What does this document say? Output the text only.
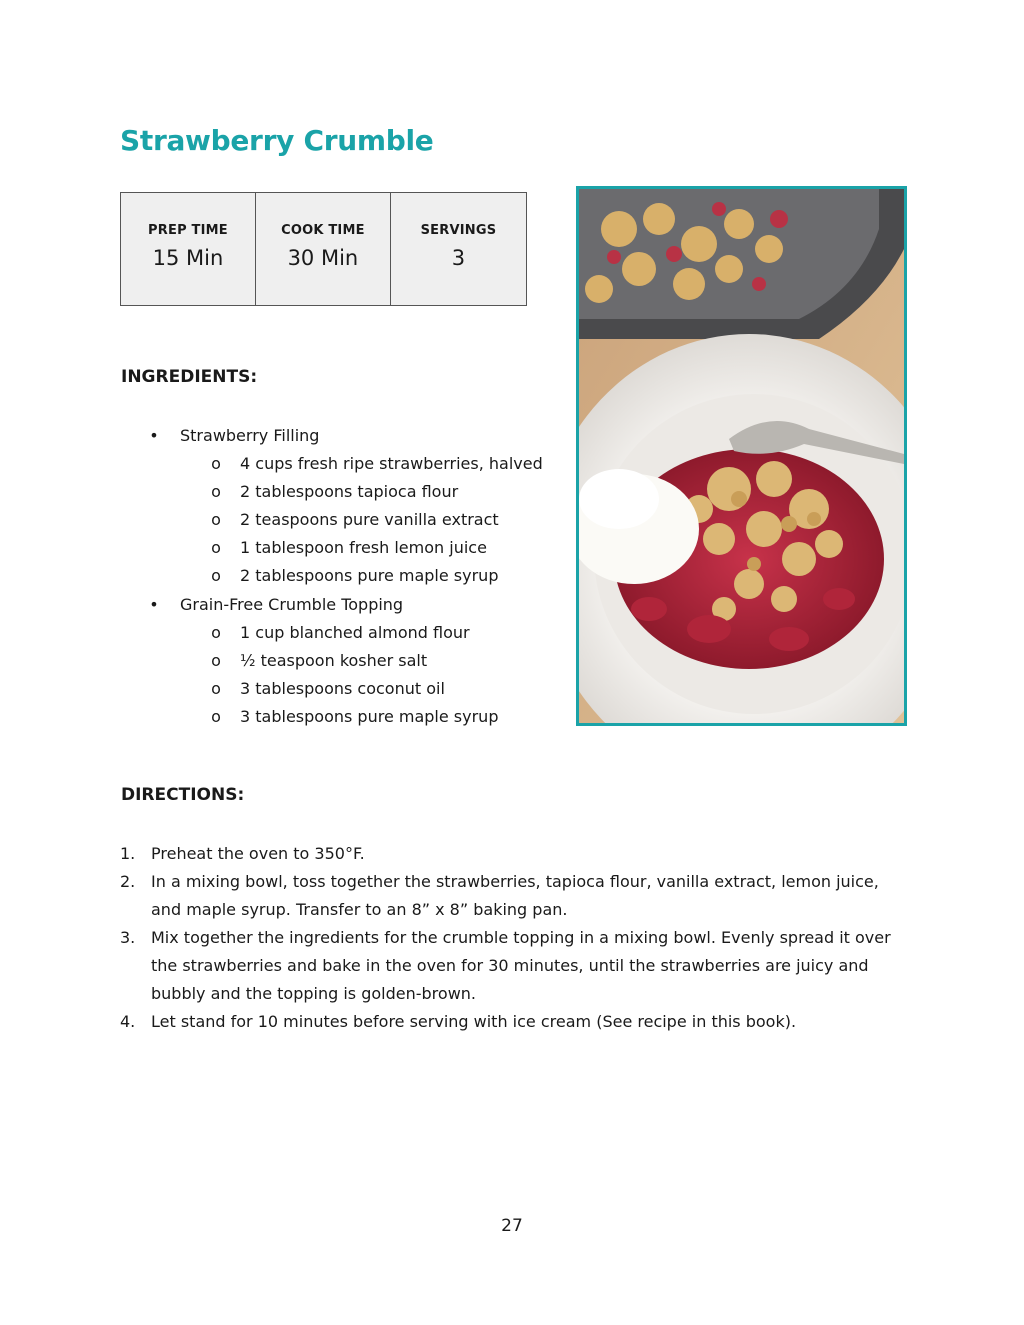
Strawberry Crumble
PREP TIME
15 Min

COOK TIME
30 Min

SERVINGS
3
INGREDIENTS:
• Strawberry Filling
o 4 cups fresh ripe strawberries, halved
o 2 tablespoons tapioca flour
o 2 teaspoons pure vanilla extract
o 1 tablespoon fresh lemon juice
o 2 tablespoons pure maple syrup
• Grain-Free Crumble Topping
o 1 cup blanched almond flour
o ½ teaspoon kosher salt
o 3 tablespoons coconut oil
o 3 tablespoons pure maple syrup
DIRECTIONS:
1. Preheat the oven to 350°F.
2. In a mixing bowl, toss together the strawberries, tapioca flour, vanilla extract, lemon juice,
and maple syrup. Transfer to an 8” x 8” baking pan.
3. Mix together the ingredients for the crumble topping in a mixing bowl. Evenly spread it over
the strawberries and bake in the oven for 30 minutes, until the strawberries are juicy and
bubbly and the topping is golden-brown.
4. Let stand for 10 minutes before serving with ice cream (See recipe in this book).
27
